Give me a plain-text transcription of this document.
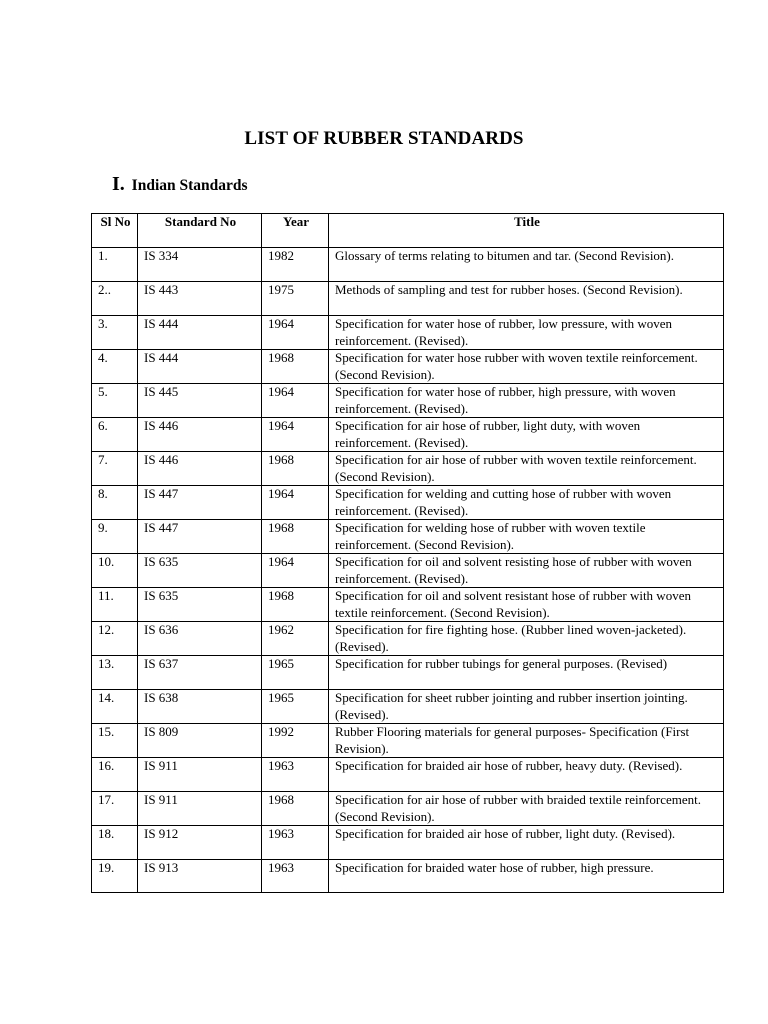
LIST OF RUBBER STANDARDS
I. Indian Standards
Sl No	Standard No	Year	Title
1.	IS 334	1982	Glossary of terms relating to bitumen and tar. (Second Revision).
2..	IS 443	1975	Methods of sampling and test for rubber hoses. (Second Revision).
3.	IS 444	1964	Specification for water hose of rubber, low pressure, with woven reinforcement. (Revised).
4.	IS 444	1968	Specification for water hose rubber with woven textile reinforcement. (Second Revision).
5.	IS 445	1964	Specification for water hose of rubber, high pressure, with woven reinforcement. (Revised).
6.	IS 446	1964	Specification for air hose of rubber, light duty, with woven reinforcement. (Revised).
7.	IS 446	1968	Specification for air hose of rubber with woven textile reinforcement. (Second Revision).
8.	IS 447	1964	Specification for welding and cutting hose of rubber with woven reinforcement. (Revised).
9.	IS 447	1968	Specification for welding hose of rubber with woven textile reinforcement. (Second Revision).
10.	IS 635	1964	Specification for oil and solvent resisting hose of rubber with woven reinforcement. (Revised).
11.	IS 635	1968	Specification for oil and solvent resistant hose of rubber with woven textile reinforcement. (Second Revision).
12.	IS 636	1962	Specification for fire fighting hose. (Rubber lined woven-jacketed). (Revised).
13.	IS 637	1965	Specification for rubber tubings for general purposes. (Revised)
14.	IS 638	1965	Specification for sheet rubber jointing and rubber insertion jointing. (Revised).
15.	IS 809	1992	Rubber Flooring materials for general purposes- Specification (First Revision).
16.	IS 911	1963	Specification for braided air hose of rubber, heavy duty. (Revised).
17.	IS 911	1968	Specification for air hose of rubber with braided textile reinforcement. (Second Revision).
18.	IS 912	1963	Specification for braided air hose of rubber, light duty. (Revised).
19.	IS 913	1963	Specification for braided water hose of rubber, high pressure.
